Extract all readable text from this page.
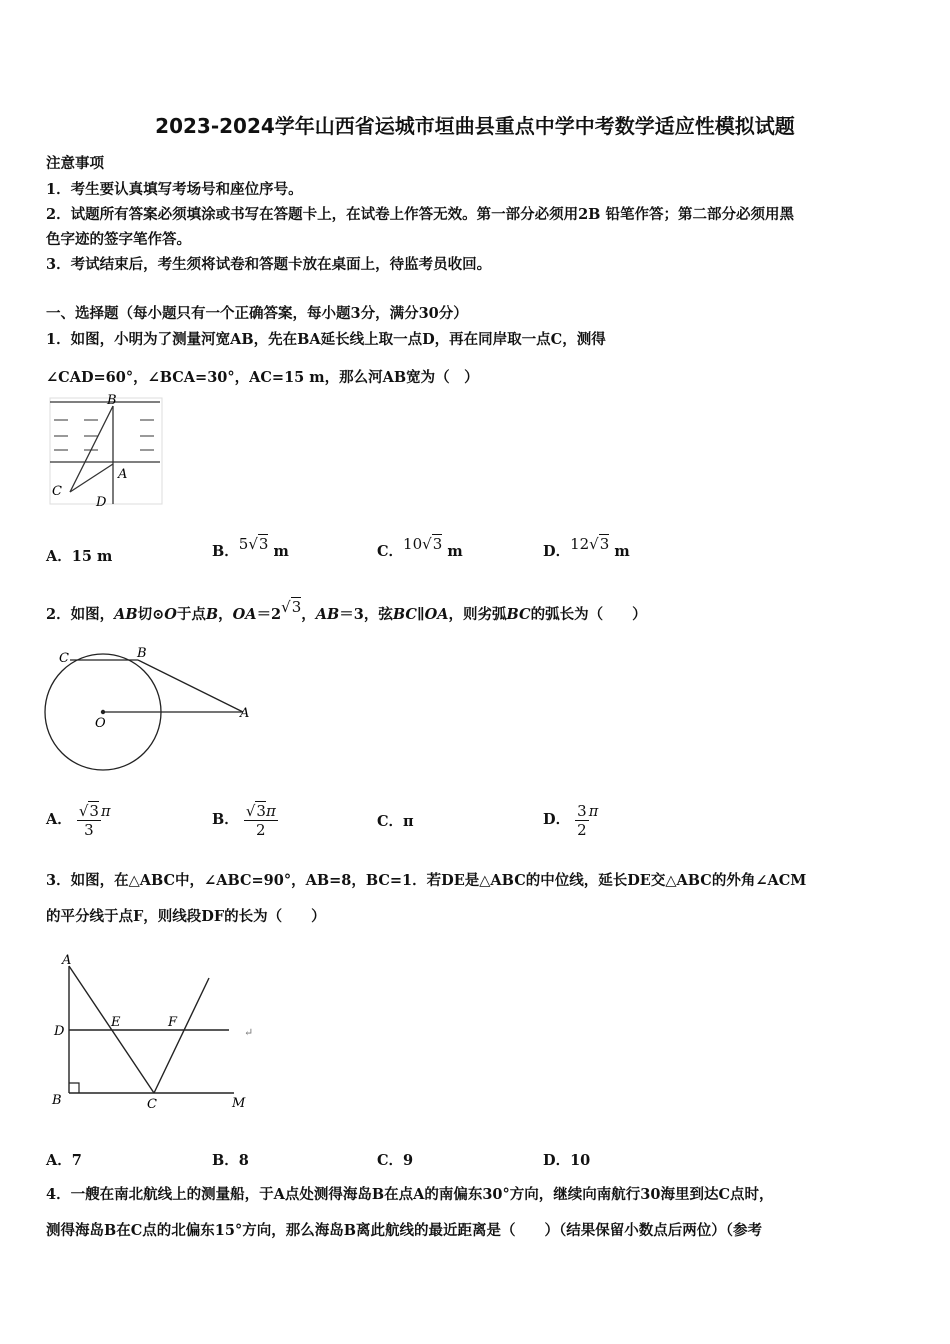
2023-2024学年山西省运城市垣曲县重点中学中考数学适应性模拟试题
注意事项
1．考生要认真填写考场号和座位序号。
2．试题所有答案必须填涂或书写在答题卡上，在试卷上作答无效。第一部分必须用2B 铅笔作答；第二部分必须用黑
色字迹的签字笔作答。
3．考试结束后，考生须将试卷和答题卡放在桌面上，待监考员收回。
一、选择题（每小题只有一个正确答案，每小题3分，满分30分）
1．如图，小明为了测量河宽AB，先在BA延长线上取一点D，再在同岸取一点C，测得
∠CAD=60°，∠BCA=30°，AC=15 m，那么河AB宽为（　）
B
A
C
D
A．15 m	B．5√3 m	C．10√3 m	D．12√3 m
2．如图，AB切⊙O于点B，OA＝2√3，AB＝3，弦BC∥OA，则劣弧BC的弧长为（　　）
C	B
O
A
A． $\frac{√3}{3}$ π	B． $\frac{√3\pi}{2}$	C．π	D． $\frac{3}{2}$ π
3．如图，在△ABC中，∠ABC=90°，AB=8，BC=1．若DE是△ABC的中位线，延长DE交△ABC的外角∠ACM
的平分线于点F，则线段DF的长为（　　）
A
D
E	F
B	C	M
↵
A．7	B．8	C．9	D．10
4．一艘在南北航线上的测量船，于A点处测得海岛B在点A的南偏东30°方向，继续向南航行30海里到达C点时，
测得海岛B在C点的北偏东15°方向，那么海岛B离此航线的最近距离是（　　）（结果保留小数点后两位）（参考
